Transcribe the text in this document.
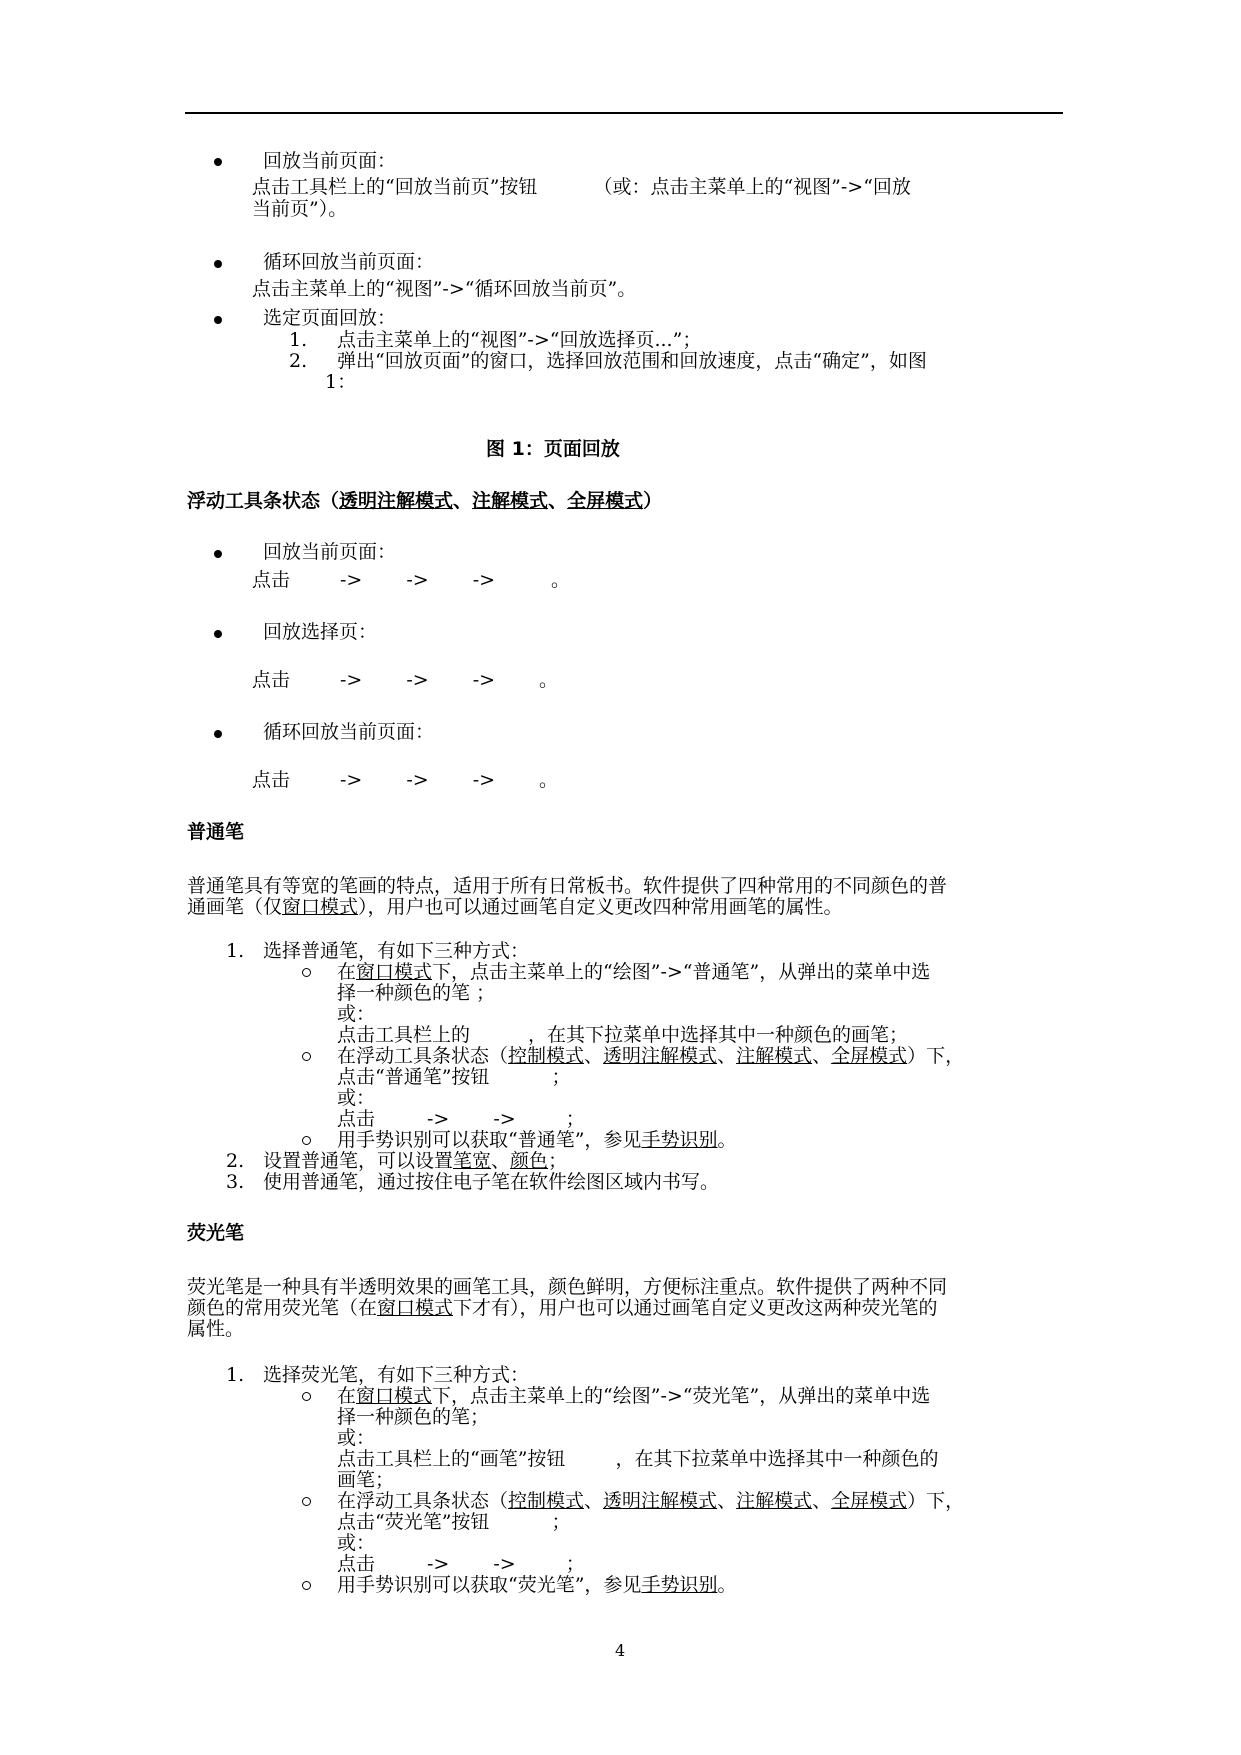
回放当前页面：
点击工具栏上的“回放当前页”按钮	（或：点击主菜单上的“视图”->“回放
当前页”）。
循环回放当前页面：
点击主菜单上的“视图”->“循环回放当前页”。
选定页面回放：
1. 点击主菜单上的“视图”->“回放选择页...”；
2. 弹出“回放页面”的窗口，选择回放范围和回放速度，点击“确定”，如图
1：
图 1：页面回放
浮动工具条状态（透明注解模式、注解模式、全屏模式）
回放当前页面：
点击	-> -> ->	。
回放选择页：
点击	-> -> -> 。
循环回放当前页面：
点击	-> -> -> 。
普通笔
普通笔具有等宽的笔画的特点，适用于所有日常板书。软件提供了四种常用的不同颜色的普
通画笔（仅窗口模式），用户也可以通过画笔自定义更改四种常用画笔的属性。
1. 选择普通笔，有如下三种方式：
在窗口模式下，点击主菜单上的“绘图”->“普通笔”，从弹出的菜单中选
择一种颜色的笔 ；
或：
点击工具栏上的	，在其下拉菜单中选择其中一种颜色的画笔；
在浮动工具条状态（控制模式、透明注解模式、注解模式、全屏模式）下，
点击“普通笔”按钮	；
或：
点击	-> ->	；
用手势识别可以获取“普通笔”，参见手势识别。
2. 设置普通笔，可以设置笔宽、颜色；
3. 使用普通笔，通过按住电子笔在软件绘图区域内书写。
荧光笔
荧光笔是一种具有半透明效果的画笔工具，颜色鲜明，方便标注重点。软件提供了两种不同
颜色的常用荧光笔（在窗口模式下才有），用户也可以通过画笔自定义更改这两种荧光笔的
属性。
1. 选择荧光笔，有如下三种方式：
在窗口模式下，点击主菜单上的“绘图”->“荧光笔”，从弹出的菜单中选
择一种颜色的笔；
或：
点击工具栏上的“画笔”按钮	，在其下拉菜单中选择其中一种颜色的
画笔；
在浮动工具条状态（控制模式、透明注解模式、注解模式、全屏模式）下，
点击“荧光笔”按钮	；
或：
点击	-> ->	；
用手势识别可以获取“荧光笔”，参见手势识别。
4
